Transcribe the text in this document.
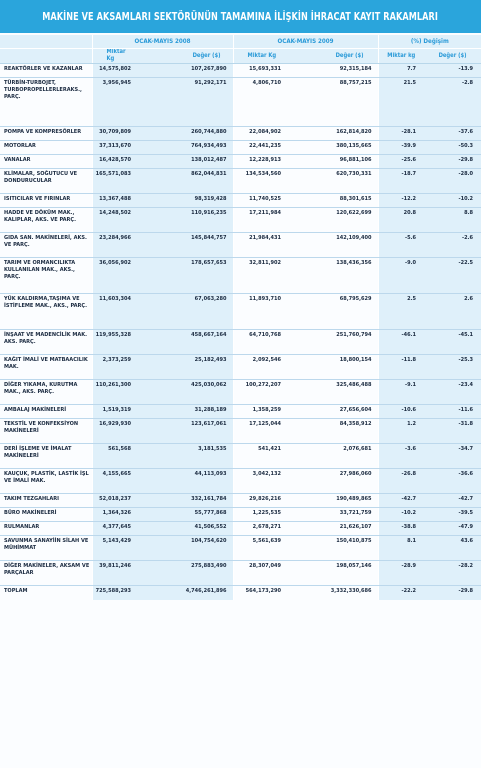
MAKİNE VE AKSAMLARI SEKTÖRÜNÜN TAMAMINA İLİŞKİN İHRACAT KAYIT RAKAMLARI
	OCAK-MAYIS 2008		OCAK-MAYIS 2009		(%) Değişim	
	Miktar Kg	Değer ($)	Miktar Kg	Değer ($)	Miktar kg	Değer ($)
REAKTÖRLER VE KAZANLAR	14,575,802	107,267,890	15,693,331	92,315,184	7.7	-13.9
TÜRBİN-TURBOJET, TURBOPROPELLERLERAKS., PARÇ.	3,956,945	91,292,171	4,806,710	88,757,215	21.5	-2.8
POMPA VE KOMPRESÖRLER	30,709,809	260,744,880	22,084,902	162,814,820	-28.1	-37.6
MOTORLAR	37,313,670	764,934,493	22,441,235	380,135,665	-39.9	-50.3
VANALAR	16,428,570	138,012,487	12,228,913	96,881,106	-25.6	-29.8
KLİMALAR, SOĞUTUCU VE DONDURUCULAR	165,571,083	862,044,831	134,534,560	620,730,331	-18.7	-28.0
ISITICILAR VE FIRINLAR	13,367,488	98,319,428	11,740,525	88,301,615	-12.2	-10.2
HADDE VE DÖKÜM MAK., KALIPLAR, AKS. VE PARÇ.	14,248,502	110,916,235	17,211,984	120,622,699	20.8	8.8
GIDA SAN. MAKİNELERİ, AKS. VE PARÇ.	23,284,966	145,844,757	21,984,431	142,109,400	-5.6	-2.6
TARIM VE ORMANCILIKTA KULLANILAN MAK., AKS., PARÇ.	36,056,902	178,657,653	32,811,902	138,436,356	-9.0	-22.5
YÜK KALDIRMA,TAŞIMA VE İSTİFLEME MAK., AKS., PARÇ.	11,603,304	67,063,280	11,893,710	68,795,629	2.5	2.6
İNŞAAT VE MADENCİLİK MAK. AKS. PARÇ.	119,955,328	458,667,164	64,710,768	251,760,794	-46.1	-45.1
KAĞIT İMALİ VE MATBAACILIK MAK.	2,373,259	25,182,493	2,092,546	18,800,154	-11.8	-25.3
DİĞER YIKAMA, KURUTMA MAK., AKS. PARÇ.	110,261,300	425,030,062	100,272,207	325,486,488	-9.1	-23.4
AMBALAJ MAKİNELERİ	1,519,319	31,288,189	1,358,259	27,656,604	-10.6	-11.6
TEKSTİL VE KONFEKSİYON MAKİNELERİ	16,929,930	123,617,061	17,125,044	84,358,912	1.2	-31.8
DERİ İŞLEME VE İMALAT MAKİNELERİ	561,568	3,181,535	541,421	2,076,681	-3.6	-34.7
KAUÇUK, PLASTİK, LASTİK İŞL VE İMALİ MAK.	4,155,665	44,113,093	3,042,132	27,986,060	-26.8	-36.6
TAKIM TEZGAHLARI	52,018,237	332,161,784	29,826,216	190,489,865	-42.7	-42.7
BÜRO MAKİNELERİ	1,364,326	55,777,868	1,225,535	33,721,759	-10.2	-39.5
RULMANLAR	4,377,645	41,506,552	2,678,271	21,626,107	-38.8	-47.9
SAVUNMA SANAYİİN SİLAH VE MÜHİMMAT	5,143,429	104,754,620	5,561,639	150,410,875	8.1	43.6
DİĞER MAKİNELER, AKSAM VE PARÇALAR	39,811,246	275,883,490	28,307,049	198,057,146	-28.9	-28.2
TOPLAM	725,588,293	4,746,261,896	564,173,290	3,332,330,686	-22.2	-29.8
